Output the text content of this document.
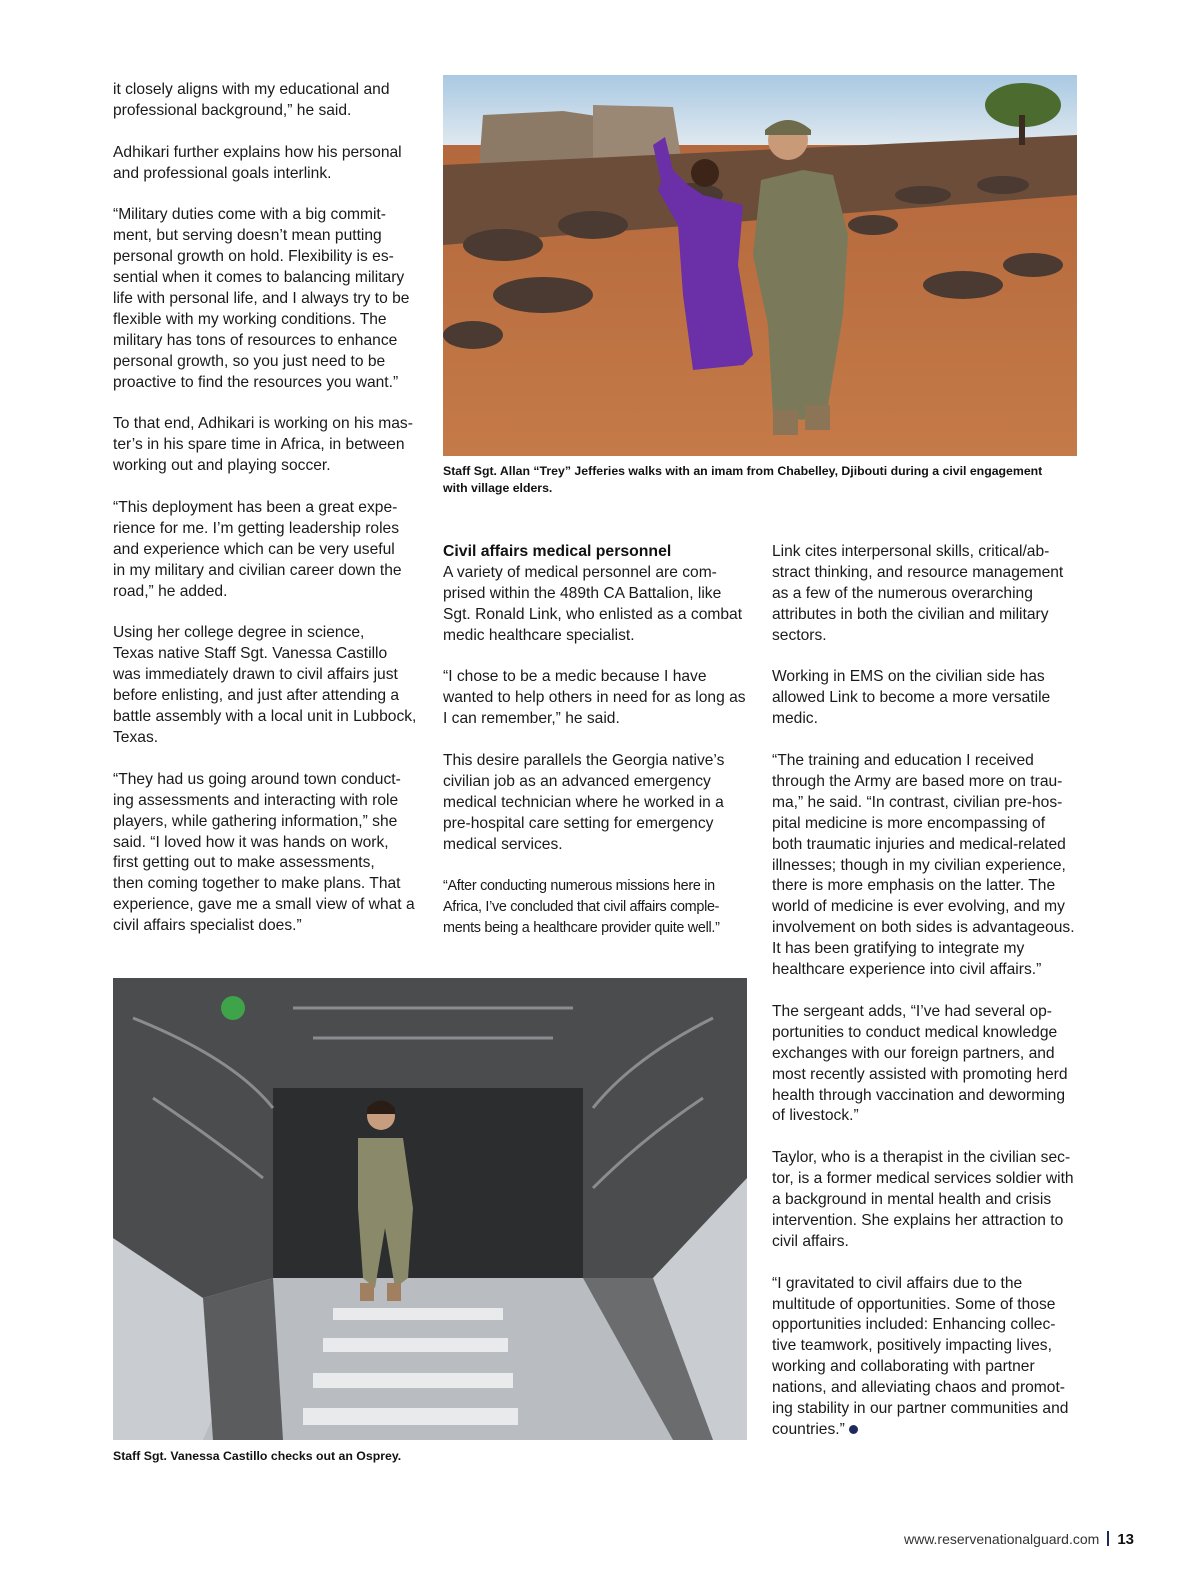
it closely aligns with my educational and
professional background,” he said.

Adhikari further explains how his personal
and professional goals interlink.

“Military duties come with a big commit-
ment, but serving doesn’t mean putting
personal growth on hold. Flexibility is es-
sential when it comes to balancing military
life with personal life, and I always try to be
flexible with my working conditions. The
military has tons of resources to enhance
personal growth, so you just need to be
proactive to find the resources you want.”

To that end, Adhikari is working on his mas-
ter’s in his spare time in Africa, in between
working out and playing soccer.

“This deployment has been a great expe-
rience for me. I’m getting leadership roles
and experience which can be very useful
in my military and civilian career down the
road,” he added.

Using her college degree in science,
Texas native Staff Sgt. Vanessa Castillo
was immediately drawn to civil affairs just
before enlisting, and just after attending a
battle assembly with a local unit in Lubbock,
Texas.

“They had us going around town conduct-
ing assessments and interacting with role
players, while gathering information,” she
said. “I loved how it was hands on work,
first getting out to make assessments,
then coming together to make plans. That
experience, gave me a small view of what a
civil affairs specialist does.”

Staff Sgt. Allan “Trey” Jefferies walks with an imam from Chabelley, Djibouti during a civil engagement
with village elders.
Civil affairs medical personnel

A variety of medical personnel are com-
prised within the 489th CA Battalion, like
Sgt. Ronald Link, who enlisted as a combat
medic healthcare specialist.

“I chose to be a medic because I have
wanted to help others in need for as long as
I can remember,” he said.

This desire parallels the Georgia native’s
civilian job as an advanced emergency
medical technician where he worked in a
pre-hospital care setting for emergency
medical services.

“After conducting numerous missions here in
Africa, I’ve concluded that civil affairs comple-
ments being a healthcare provider quite well.”

Link cites interpersonal skills, critical/ab-
stract thinking, and resource management
as a few of the numerous overarching
attributes in both the civilian and military
sectors.

Working in EMS on the civilian side has
allowed Link to become a more versatile
medic.

“The training and education I received
through the Army are based more on trau-
ma,” he said. “In contrast, civilian pre-hos-
pital medicine is more encompassing of
both traumatic injuries and medical-related
illnesses; though in my civilian experience,
there is more emphasis on the latter. The
world of medicine is ever evolving, and my
involvement on both sides is advantageous.
It has been gratifying to integrate my
healthcare experience into civil affairs.”

The sergeant adds, “I’ve had several op-
portunities to conduct medical knowledge
exchanges with our foreign partners, and
most recently assisted with promoting herd
health through vaccination and deworming
of livestock.”

Taylor, who is a therapist in the civilian sec-
tor, is a former medical services soldier with
a background in mental health and crisis
intervention. She explains her attraction to
civil affairs.

“I gravitated to civil affairs due to the
multitude of opportunities. Some of those
opportunities included: Enhancing collec-
tive teamwork, positively impacting lives,
working and collaborating with partner
nations, and alleviating chaos and promot-
ing stability in our partner communities and
countries.”

Staff Sgt. Vanessa Castillo checks out an Osprey.
www.reservenationalguard.com 13
